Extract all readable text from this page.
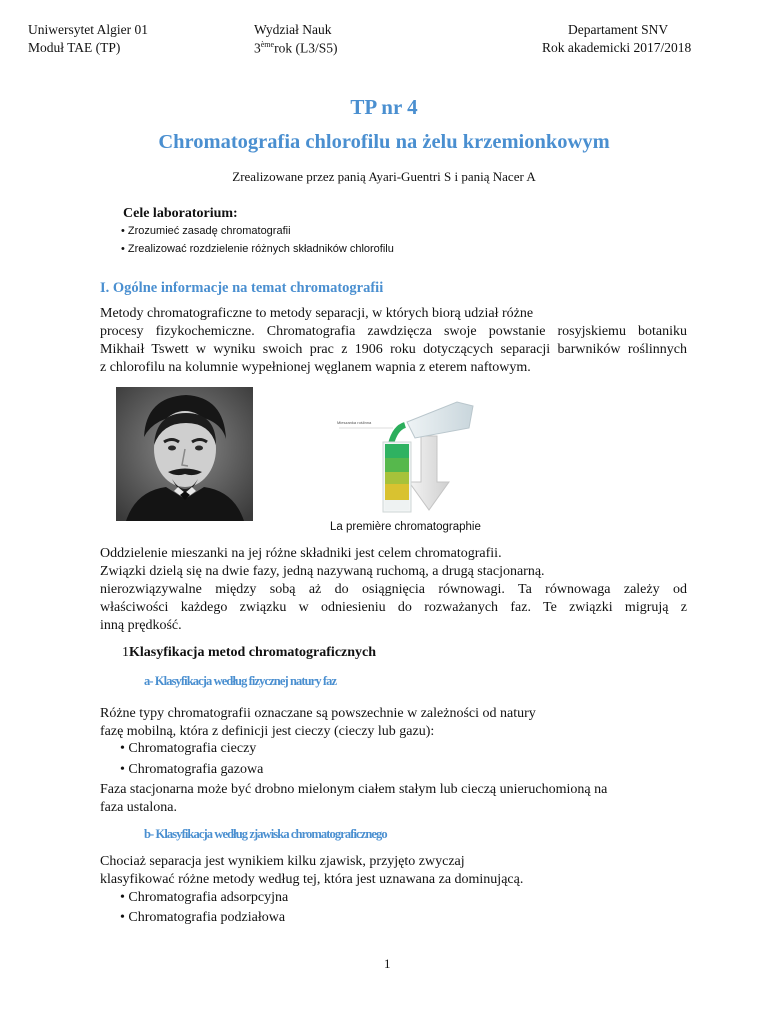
Uniwersytet Algier 01
Moduł TAE (TP)
Wydział Nauk
3èmerok (L3/S5)
Departament SNV
Rok akademicki 2017/2018
TP nr 4
Chromatografia chlorofilu na żelu krzemionkowym
Zrealizowane przez panią Ayari-Guentri S i panią Nacer A
Cele laboratorium:
• Zrozumieć zasadę chromatografii
• Zrealizować rozdzielenie różnych składników chlorofilu
I. Ogólne informacje na temat chromatografii
Metody chromatograficzne to metody separacji, w których biorą udział różne
procesy fizykochemiczne. Chromatografia zawdzięcza swoje powstanie rosyjskiemu botaniku
Mikhaił Tswett w wyniku swoich prac z 1906 roku dotyczących separacji barwników roślinnych
z chlorofilu na kolumnie wypełnionej węglanem wapnia z eterem naftowym.
Mieszanka roślinna
La première chromatographie
Oddzielenie mieszanki na jej różne składniki jest celem chromatografii.
Związki dzielą się na dwie fazy, jedną nazywaną ruchomą, a drugą stacjonarną.
nierozwiązywalne między sobą aż do osiągnięcia równowagi. Ta równowaga zależy od
właściwości każdego związku w odniesieniu do rozważanych faz. Te związki migrują z
inną prędkość.
1Klasyfikacja metod chromatograficznych
a- Klasyfikacja według fizycznej natury faz
Różne typy chromatografii oznaczane są powszechnie w zależności od natury
fazę mobilną, która z definicji jest cieczy (cieczy lub gazu):
• Chromatografia cieczy
• Chromatografia gazowa
Faza stacjonarna może być drobno mielonym ciałem stałym lub cieczą unieruchomioną na
faza ustalona.
b- Klasyfikacja według zjawiska chromatograficznego
Chociaż separacja jest wynikiem kilku zjawisk, przyjęto zwyczaj
klasyfikować różne metody według tej, która jest uznawana za dominującą.
• Chromatografia adsorpcyjna
• Chromatografia podziałowa
1
